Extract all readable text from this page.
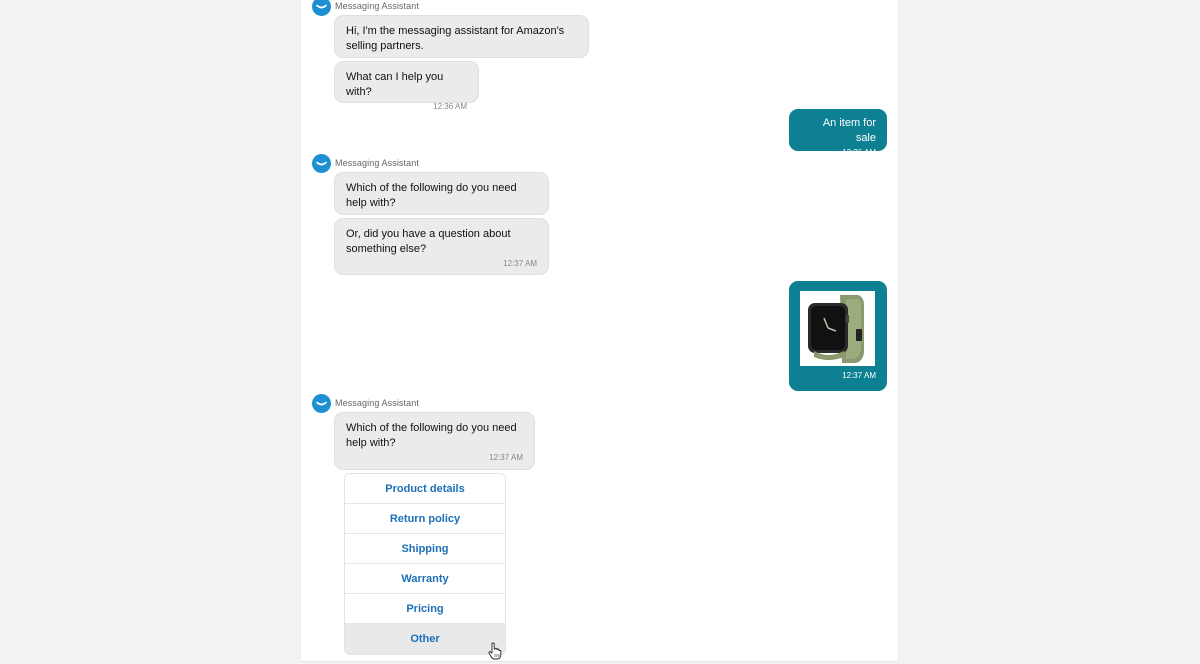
Messaging Assistant
Hi, I'm the messaging assistant for Amazon's selling partners.
What can I help you with?
12:36 AM
An item for sale
12:36 AM
Messaging Assistant
Which of the following do you need help with?
Or, did you have a question about something else?
12:37 AM
12:37 AM
Messaging Assistant
Which of the following do you need help with?
12:37 AM
Product details
Return policy
Shipping
Warranty
Pricing
Other
